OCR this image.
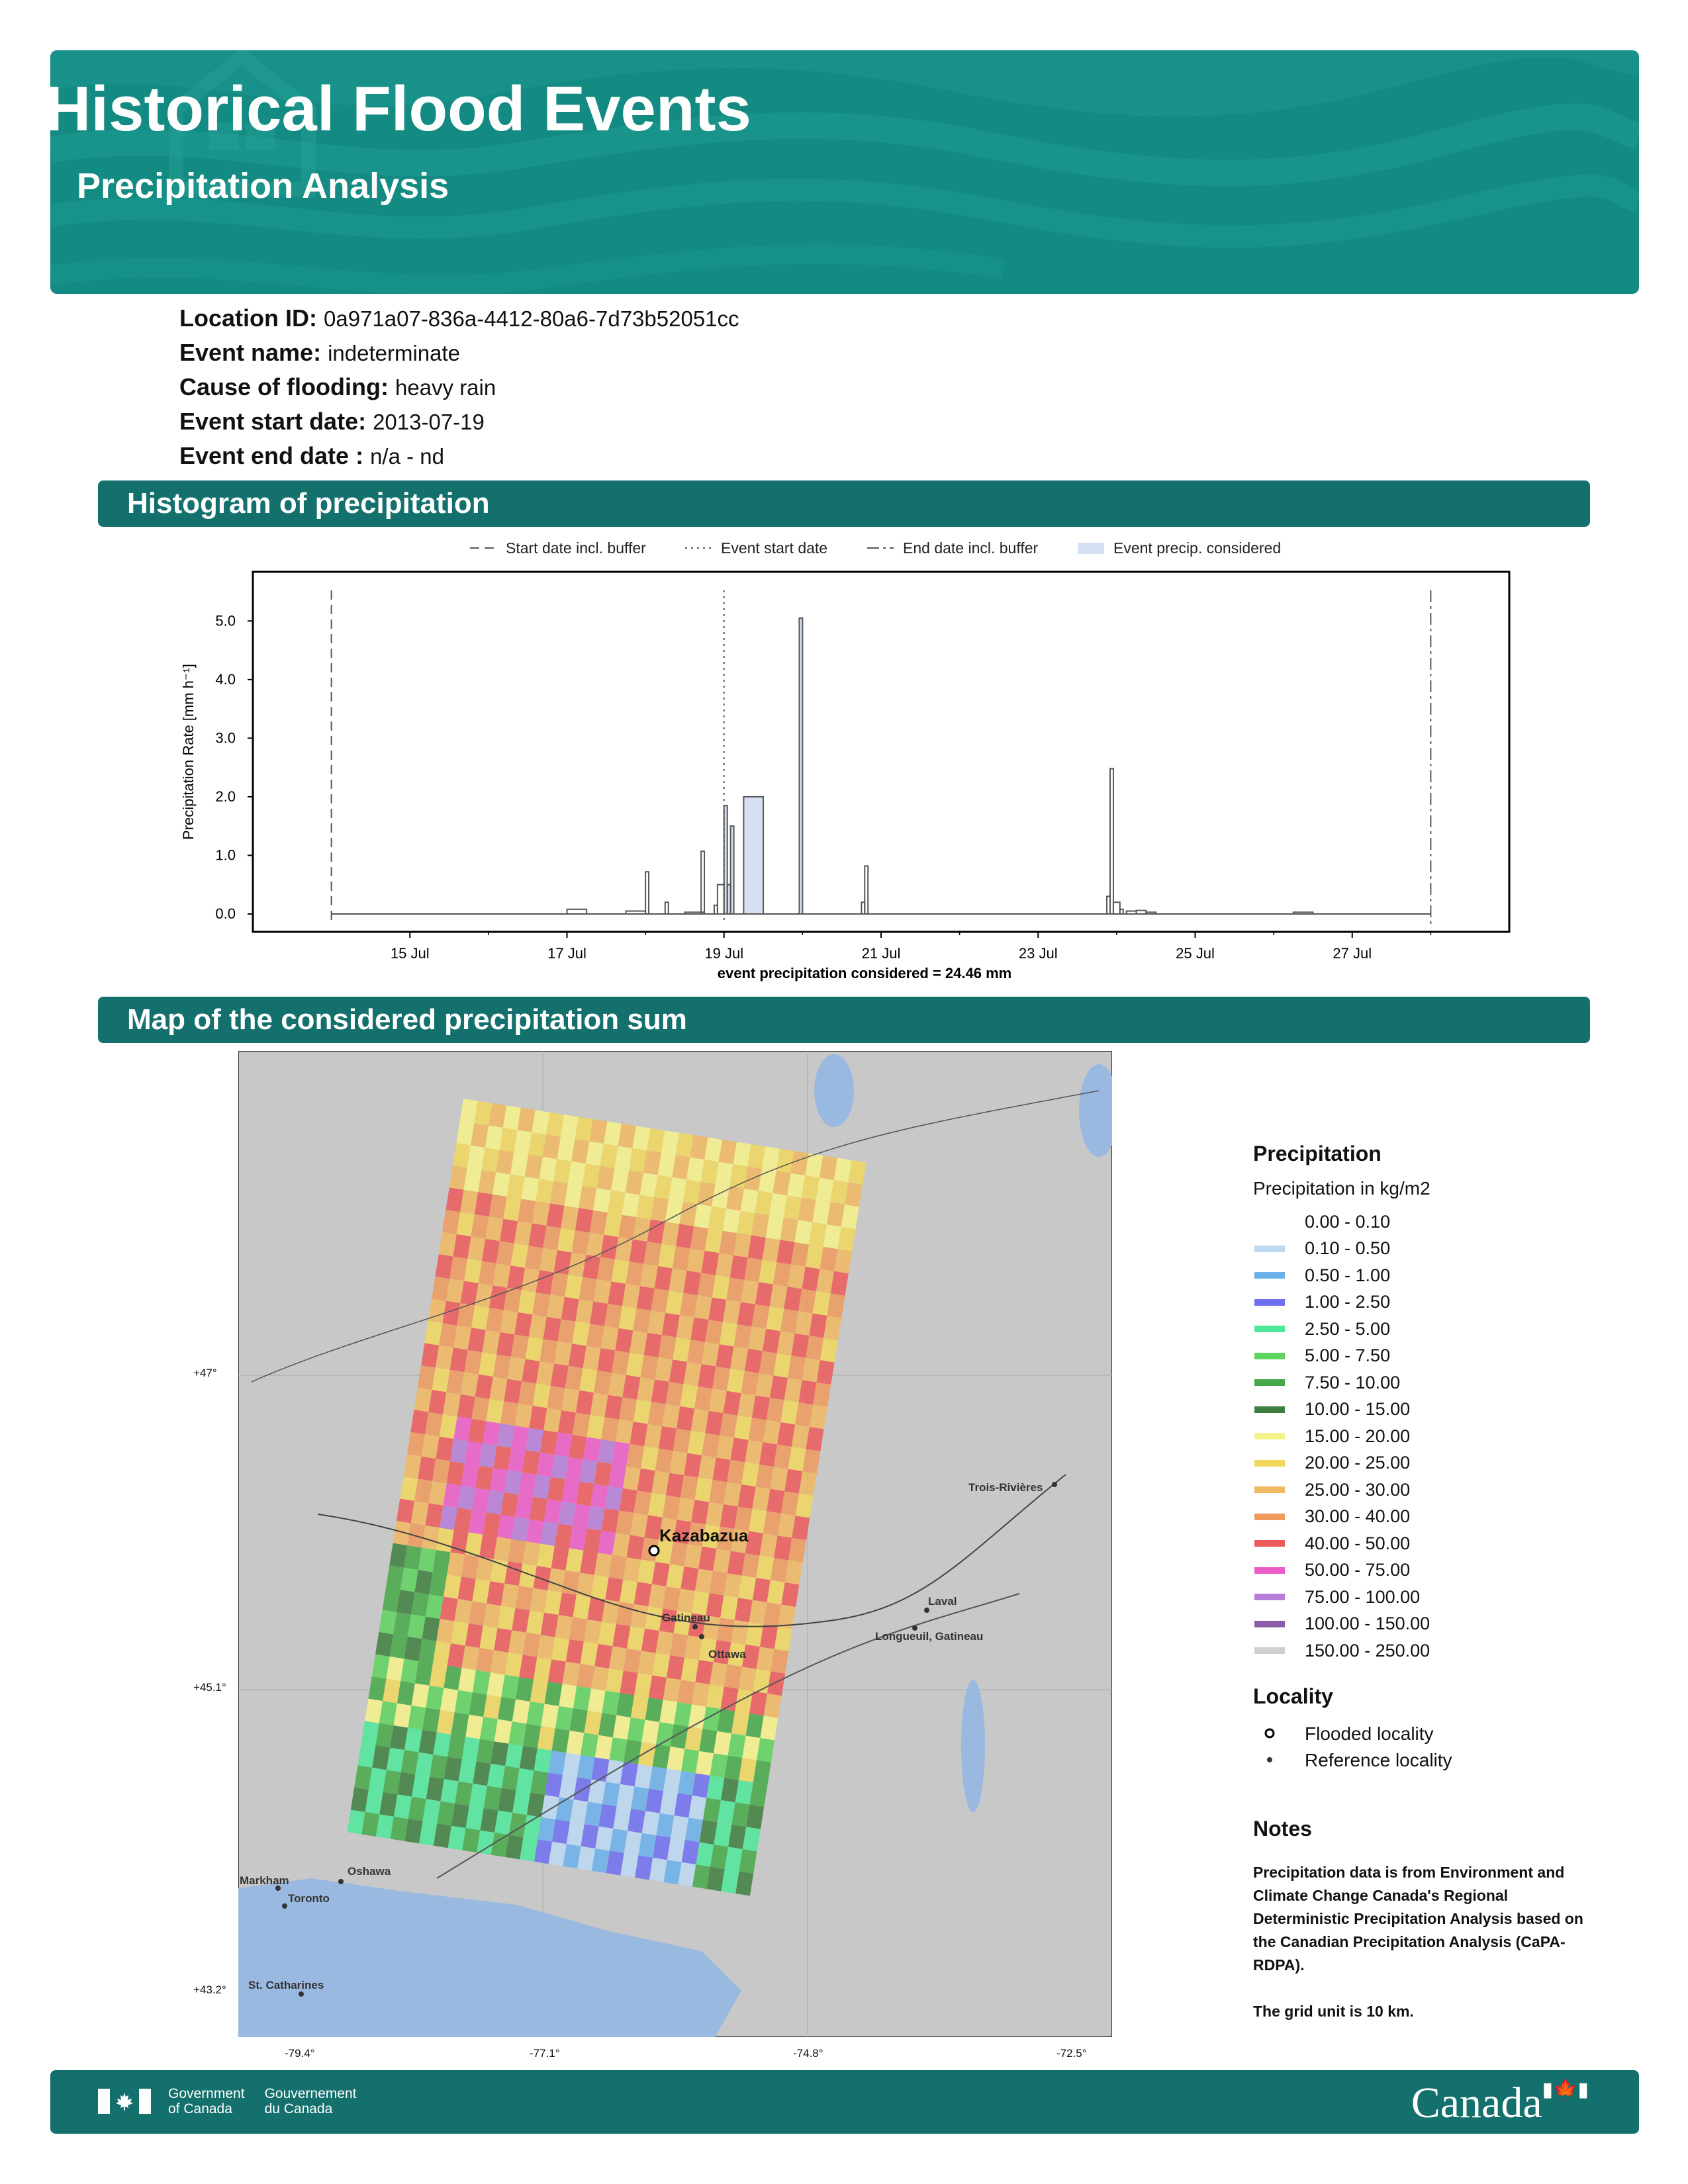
Historical Flood Events
Precipitation Analysis
Location ID: 0a971a07-836a-4412-80a6-7d73b52051cc
Event name: indeterminate
Cause of flooding: heavy rain
Event start date: 2013-07-19
Event end date : n/a - nd
Histogram of precipitation
Start date incl. buffer	Event start date	End date incl. buffer	Event precip. considered
0.0
1.0
2.0
3.0
4.0
5.0
Precipitation Rate [mm h⁻¹]
15 Jul	17 Jul	19 Jul	21 Jul	23 Jul	25 Jul	27 Jul
event precipitation considered = 24.46 mm
Map of the considered precipitation sum
Kazabazua
Trois-Rivières
Laval
Longueuil, Gatineau
Gatineau
Ottawa
Markham
Oshawa
Toronto
St. Catharines
+47°
+45.1°
+43.2°
-79.4°	-77.1°	-74.8°	-72.5°
Precipitation
Precipitation in kg/m2
0.00 - 0.10
0.10 - 0.50
0.50 - 1.00
1.00 - 2.50
2.50 - 5.00
5.00 - 7.50
7.50 - 10.00
10.00 - 15.00
15.00 - 20.00
20.00 - 25.00
25.00 - 30.00
30.00 - 40.00
40.00 - 50.00
50.00 - 75.00
75.00 - 100.00
100.00 - 150.00
150.00 - 250.00
Locality
Flooded locality
Reference locality
Notes

Precipitation data is from Environment and Climate Change Canada's Regional Deterministic Precipitation Analysis based on the Canadian Precipitation Analysis (CaPA-RDPA).

The grid unit is 10 km.

Government
of Canada
Gouvernement
du Canada	Canada▮🍁▮
